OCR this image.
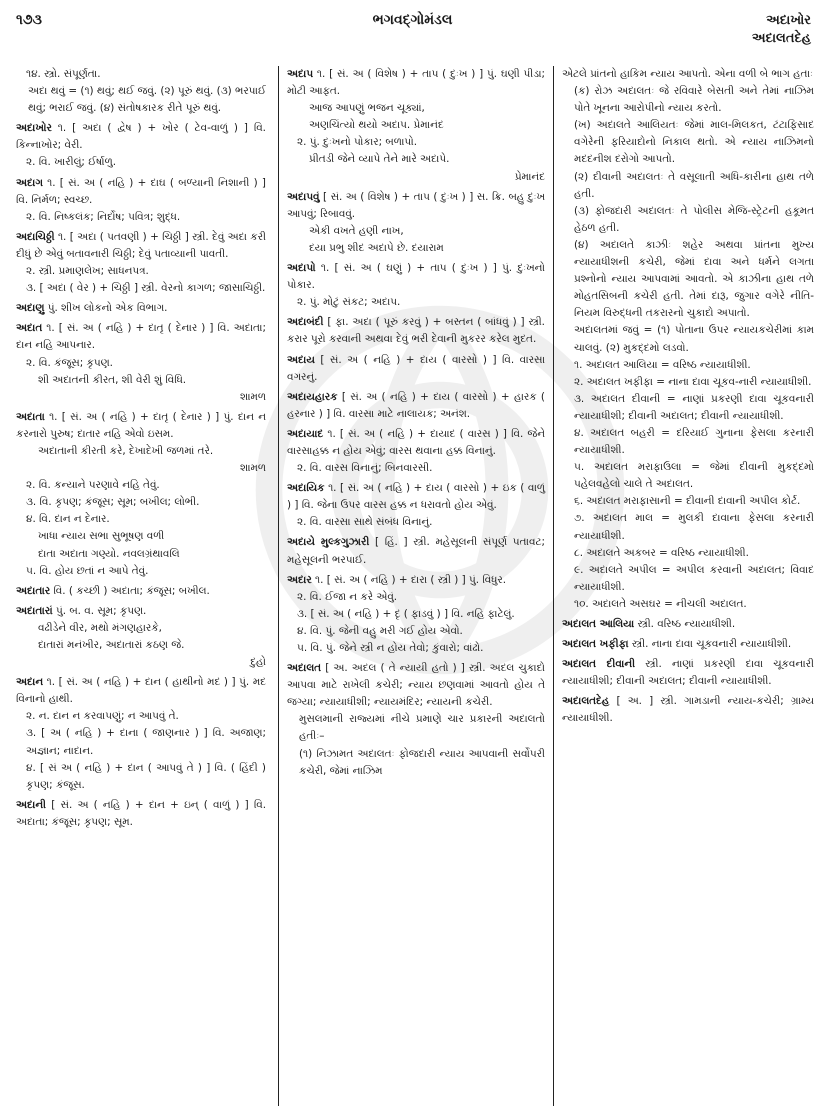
૧૭૩	ભગવદ્ગોમંડલ	અદાખોર
અદાલતદેહ
૧૪. સ્ત્રો. સંપૂર્ણતા.
અદા થવું = (૧) થવું; થઈ જવું. (૨) પૂરું થવું. (૩) ભરપાઈ થવું; ભરાઈ જવું. (૪) સંતોષકારક રીતે પૂરું થવું.
અદાખોર ૧. [ અદા ( દ્વેષ ) + ખોર ( ટેવ-વાળું ) ] વિ. કિન્નાખોર; વેરી.
૨. વિ. ખારીલું; ઈર્ષાળુ.
અદાગ ૧. [ સં. અ ( નહિ ) + દાઘ ( બળ્યાની નિશાની ) ] વિ. નિર્મળ; સ્વચ્છ.
૨. વિ. નિષ્કલંક; નિર્દોષ; પવિત્ર; શુદ્ધ.
અદાચિઠ્ઠી ૧. [ અદા ( પતવણી ) + ચિઠ્ઠી ] સ્ત્રી. દેવું અદા કરી દીધું છે એવું બતાવનારી ચિઠ્ઠી; દેવું પતાવ્યાની પાવતી.
૨. સ્ત્રી. પ્રમાણલેખ; સાધનપત્ર.
૩. [ અદા ( વેર ) + ચિઠ્ઠી ] સ્ત્રી. વેરનો કાગળ; જાસાચિઠ્ઠી.
અદાણુ પું. શીખ લોકનો એક વિભાગ.
અદાત ૧. [ સં. અ ( નહિ ) + દાતૃ ( દેનાર ) ] વિ. અદાતા; દાન નહિ આપનાર.
૨. વિ. કંજૂસ; કૃપણ.
શી અદાતની કીરત, શી વેરી શું વિધિ.
શામળ
અદાતા ૧. [ સં. અ ( નહિ ) + દાતૃ ( દેનાર ) ] પું. દાન ન કરનારો પુરુષ; દાતાર નહિ એવો ઇસમ.
અદાતાની કીરતી કરે, દેખાદેખી જળમાં તરે.
શામળ
૨. વિ. કન્યાને પરણાવે નહિ તેવું.
૩. વિ. કૃપણ; કંજૂસ; સૂમ; બખીલ; લોભી.
૪. વિ. દાન ન દેનાર.
ખાધા ન્યાય સભા સુભૂષણ વળી
દાતા અદાતા ગણ્યો. નવલગ્રંથાવલિ
૫. વિ. હોય છતાં ન આપે તેવું.
અદાતાર વિ. ( કચ્છી ) અદાતા; કંજૂસ; બખીલ.
અદાતારાં પું. બ. વ. સૂમ; કૃપણ.
વઢીડેને વીર, મથો મંગણહારકે,
દાતારાં મનંખીર, અદાતારાં કઠણ જે.
દુહો
અદાન ૧. [ સં. અ ( નહિ ) + દાન ( હાથીનો મદ ) ] પું. મદ વિનાનો હાથી.
૨. ન. દાન ન કરવાપણું; ન આપવું તે.
૩. [ અ ( નહિ ) + દાના ( જાણનાર ) ] વિ. અજાણ; અજ્ઞાન; નાદાન.
૪. [ સં અ ( નહિ ) + દાન ( આપવું તે ) ] વિ. ( હિંદી ) કૃપણ; કંજૂસ.
અદાની [ સં. અ ( નહિ ) + દાન + ઇન્ ( વાળું ) ] વિ. અદાતા; કંજૂસ; કૃપણ; સૂમ.
અદાપ ૧. [ સં. અ ( વિશેષ ) + તાપ ( દુઃખ ) ] પું. ઘણી પીડા; મોટી આફત.
આજ આપણું ભજન ચૂક્યાં,
અણચિંત્યો થયો અદાપ. પ્રેમાનંદ
૨. પું. દુઃખનો પોકાર; બળાપો.
પ્રીતડી જેને વ્યાપે તેને મારે અદાપે.
પ્રેમાનંદ
અદાપવું [ સં. અ ( વિશેષ ) + તાપ ( દુઃખ ) ] સ. ક્રિ. બહુ દુઃખ આપવું; રિબાવવું.
એકી વખતે હણી નાખ,
દયા પ્રભુ શીદ અદાપે છે. દયારામ
અદાપો ૧. [ સં. અ ( ઘણું ) + તાપ ( દુઃખ ) ] પું. દુઃખનો પોકાર.
૨. પું. મોટું સંકટ; અદાપ.
અદાબંદી [ ફા. અદા ( પૂરું કરવું ) + બસ્તન ( બાંધવું ) ] સ્ત્રી. કરાર પૂરો કરવાની અથવા દેવું ભરી દેવાની મુકરર કરેલ મુદત.
અદાય [ સં. અ ( નહિ ) + દાય ( વારસો ) ] વિ. વારસા વગરનું.
અદાયહારક [ સં. અ ( નહિ ) + દાય ( વારસો ) + હારક ( હરનાર ) ] વિ. વારસા માટે નાલાયક; અનંશ.
અદાયાદ ૧. [ સં. અ ( નહિ ) + દાયાદ ( વારસ ) ] વિ. જેને વારસાહક્ક ન હોય એવું; વારસ થવાના હક્ક વિનાનું.
૨. વિ. વારસ વિનાનું; બિનવારસી.
અદાયિક ૧. [ સં. અ ( નહિ ) + દાય ( વારસો ) + ઇક ( વાળું ) ] વિ. જેના ઉપર વારસ હક્ક ન ધરાવતો હોય એવું.
૨. વિ. વારસા સાથે સંબંધ વિનાનું.
અદાયે મુલ્કગુઝારી [ હિં. ] સ્ત્રી. મહેસૂલની સંપૂર્ણ પતાવટ; મહેસૂલની ભરપાઈ.
અદાર ૧. [ સં. અ ( નહિ ) + દારા ( સ્ત્રી ) ] પું. વિધુર.
૨. વિ. ઈજા ન કરે એવું.
૩. [ સં. અ ( નહિ ) + દૃ ( ફાડવું ) ] વિ. નહિ ફાટેલું.
૪. વિ. પું. જેની વહુ મરી ગઈ હોય એવો.
૫. વિ. પું. જેને સ્ત્રી ન હોય તેવો; કુંવારો; વાંઢો.
અદાલત [ અ. અદલ ( તે ન્યાયી હતો ) ] સ્ત્રી. અદલ ચુકાદો આપવા માટે રાખેલી કચેરી; ન્યાય છણવામાં આવતો હોય તે જગ્યા; ન્યાયાધીશી; ન્યાયમંદિર; ન્યાયની કચેરી.
મુસલમાની રાજ્યમાં નીચે પ્રમાણે ચાર પ્રકારની અદાલતો હતીઃ–
(૧) નિઝામત અદાલતઃ ફોજદારી ન્યાય આપવાની સર્વોપરી કચેરી, જેમાં નાઝિમ
એટલે પ્રાંતનો હાકિમ ન્યાય આપતો. એના વળી બે ભાગ હતાઃ
(ક) રોઝ અદાલતઃ જે રવિવારે બેસતી અને તેમાં નાઝિમ પોતે ખૂનના આરોપીનો ન્યાય કરતો.
(ખ) અદાલતે આલિયતઃ જેમાં માલ-મિલકત, ટંટાફિસાદ વગેરેની ફરિયાદોનો નિકાલ થતો. એ ન્યાય નાઝિમનો મદદનીશ દરોગો આપતો.
(૨) દીવાની અદાલતઃ તે વસૂલાતી અધિ-કારીના હાથ તળે હતી.
(૩) ફોજદારી અદાલતઃ તે પોલીસ મેજિ-સ્ટ્રેટની હકૂમત હેઠળ હતી.
(૪) અદાલતે કાઝીઃ શહેર અથવા પ્રાંતના મુખ્ય ન્યાયાધીશની કચેરી, જેમાં દાવા અને ધર્મને લગતા પ્રશ્નોનો ન્યાય આપવામાં આવતો. એ કાઝીના હાથ તળે મોહતસિબની કચેરી હતી. તેમાં દારૂ, જુગાર વગેરે નીતિ-નિયમ વિરુદ્ધની તકરારનો ચુકાદો અપાતો.
અદાલતમાં જવું = (૧) પોતાના ઉપર ન્યાયકચેરીમાં કામ ચાલવું. (૨) મુકદ્દમો લડવો.
૧. અદાલત આલિયા = વરિષ્ઠ ન્યાયાધીશી.
૨. અદાલત ખફીફા = નાના દાવા ચૂકવ-નારી ન્યાયાધીશી.
૩. અદાલત દીવાની = નાણાં પ્રકરણી દાવા ચૂકવનારી ન્યાયાધીશી; દીવાની અદાલત; દીવાની ન્યાયાધીશી.
૪. અદાલત બહરી = દરિયાઈ ગુનાના ફેસલા કરનારી ન્યાયાધીશી.
૫. અદાલત મરાફાઉલા = જેમાં દીવાની મુકદ્દમો પહેલવહેલો ચાલે તે અદાલત.
૬. અદાલત મરાફાસાની = દીવાની દાવાની અપીલ કોર્ટ.
૭. અદાલત માલ = મુલકી દાવાના ફેસલા કરનારી ન્યાયાધીશી.
૮. અદાલતે અકબર = વરિષ્ઠ ન્યાયાધીશી.
૯. અદાલતે અપીલ = અપીલ કરવાની અદાલત; વિવાદ ન્યાયાધીશી.
૧૦. અદાલતે અસઘર = નીચલી અદાલત.
અદાલત આલિયા સ્ત્રી. વરિષ્ઠ ન્યાયાધીશી.
અદાલત ખફીફા સ્ત્રી. નાના દાવા ચૂકવનારી ન્યાયાધીશી.
અદાલત દીવાની સ્ત્રી. નાણાં પ્રકરણી દાવા ચૂકવનારી ન્યાયાધીશી; દીવાની અદાલત; દીવાની ન્યાયાધીશી.
અદાલતદેહ [ અ. ] સ્ત્રી. ગામડાની ન્યાય-કચેરી; ગ્રામ્ય ન્યાયાધીશી.
